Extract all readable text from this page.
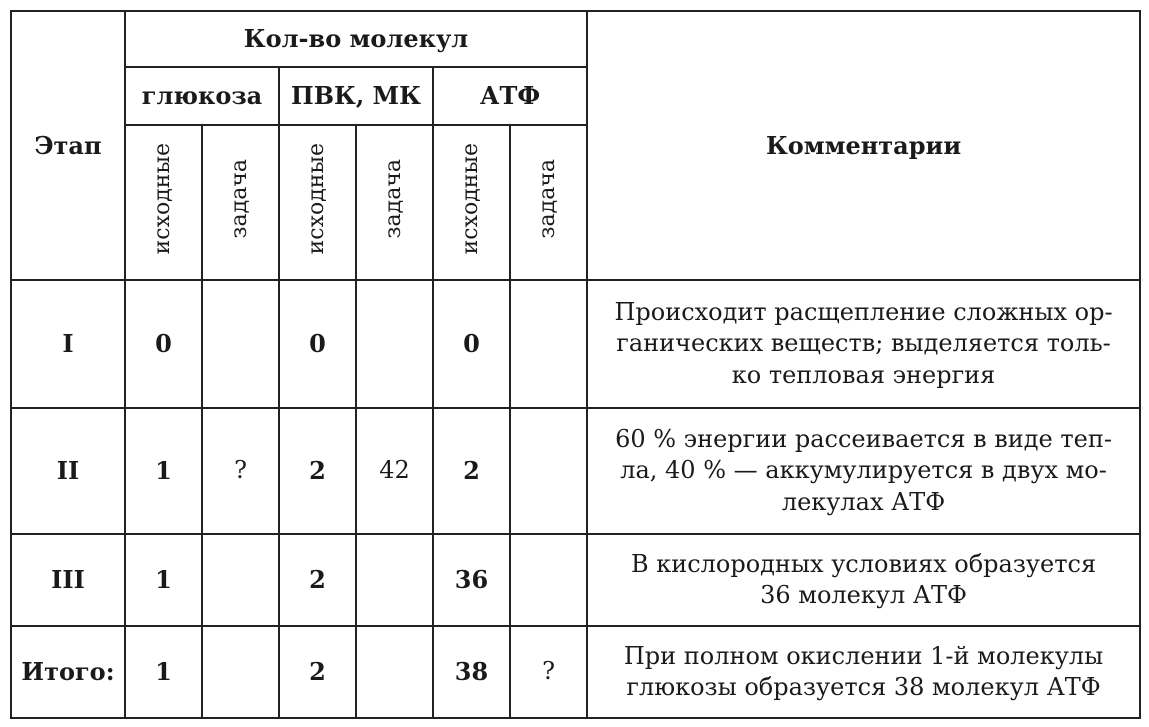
Этап	Кол-во молекул						Комментарии
	глюкоза		ПВК, МК		АТФ		
	исходные	задача	исходные	задача	исходные	задача	
I	0		0		0		Происходит расщепление сложных ор-
ганических веществ; выделяется толь-
ко тепловая энергия
II	1	?	2	42	2		60 % энергии рассеивается в виде теп-
ла, 40 % — аккумулируется в двух мо-
лекулах АТФ
III	1		2		36		В кислородных условиях образуется
36 молекул АТФ
Итого:	1		2		38	?	При полном окислении 1-й молекулы
глюкозы образуется 38 молекул АТФ
